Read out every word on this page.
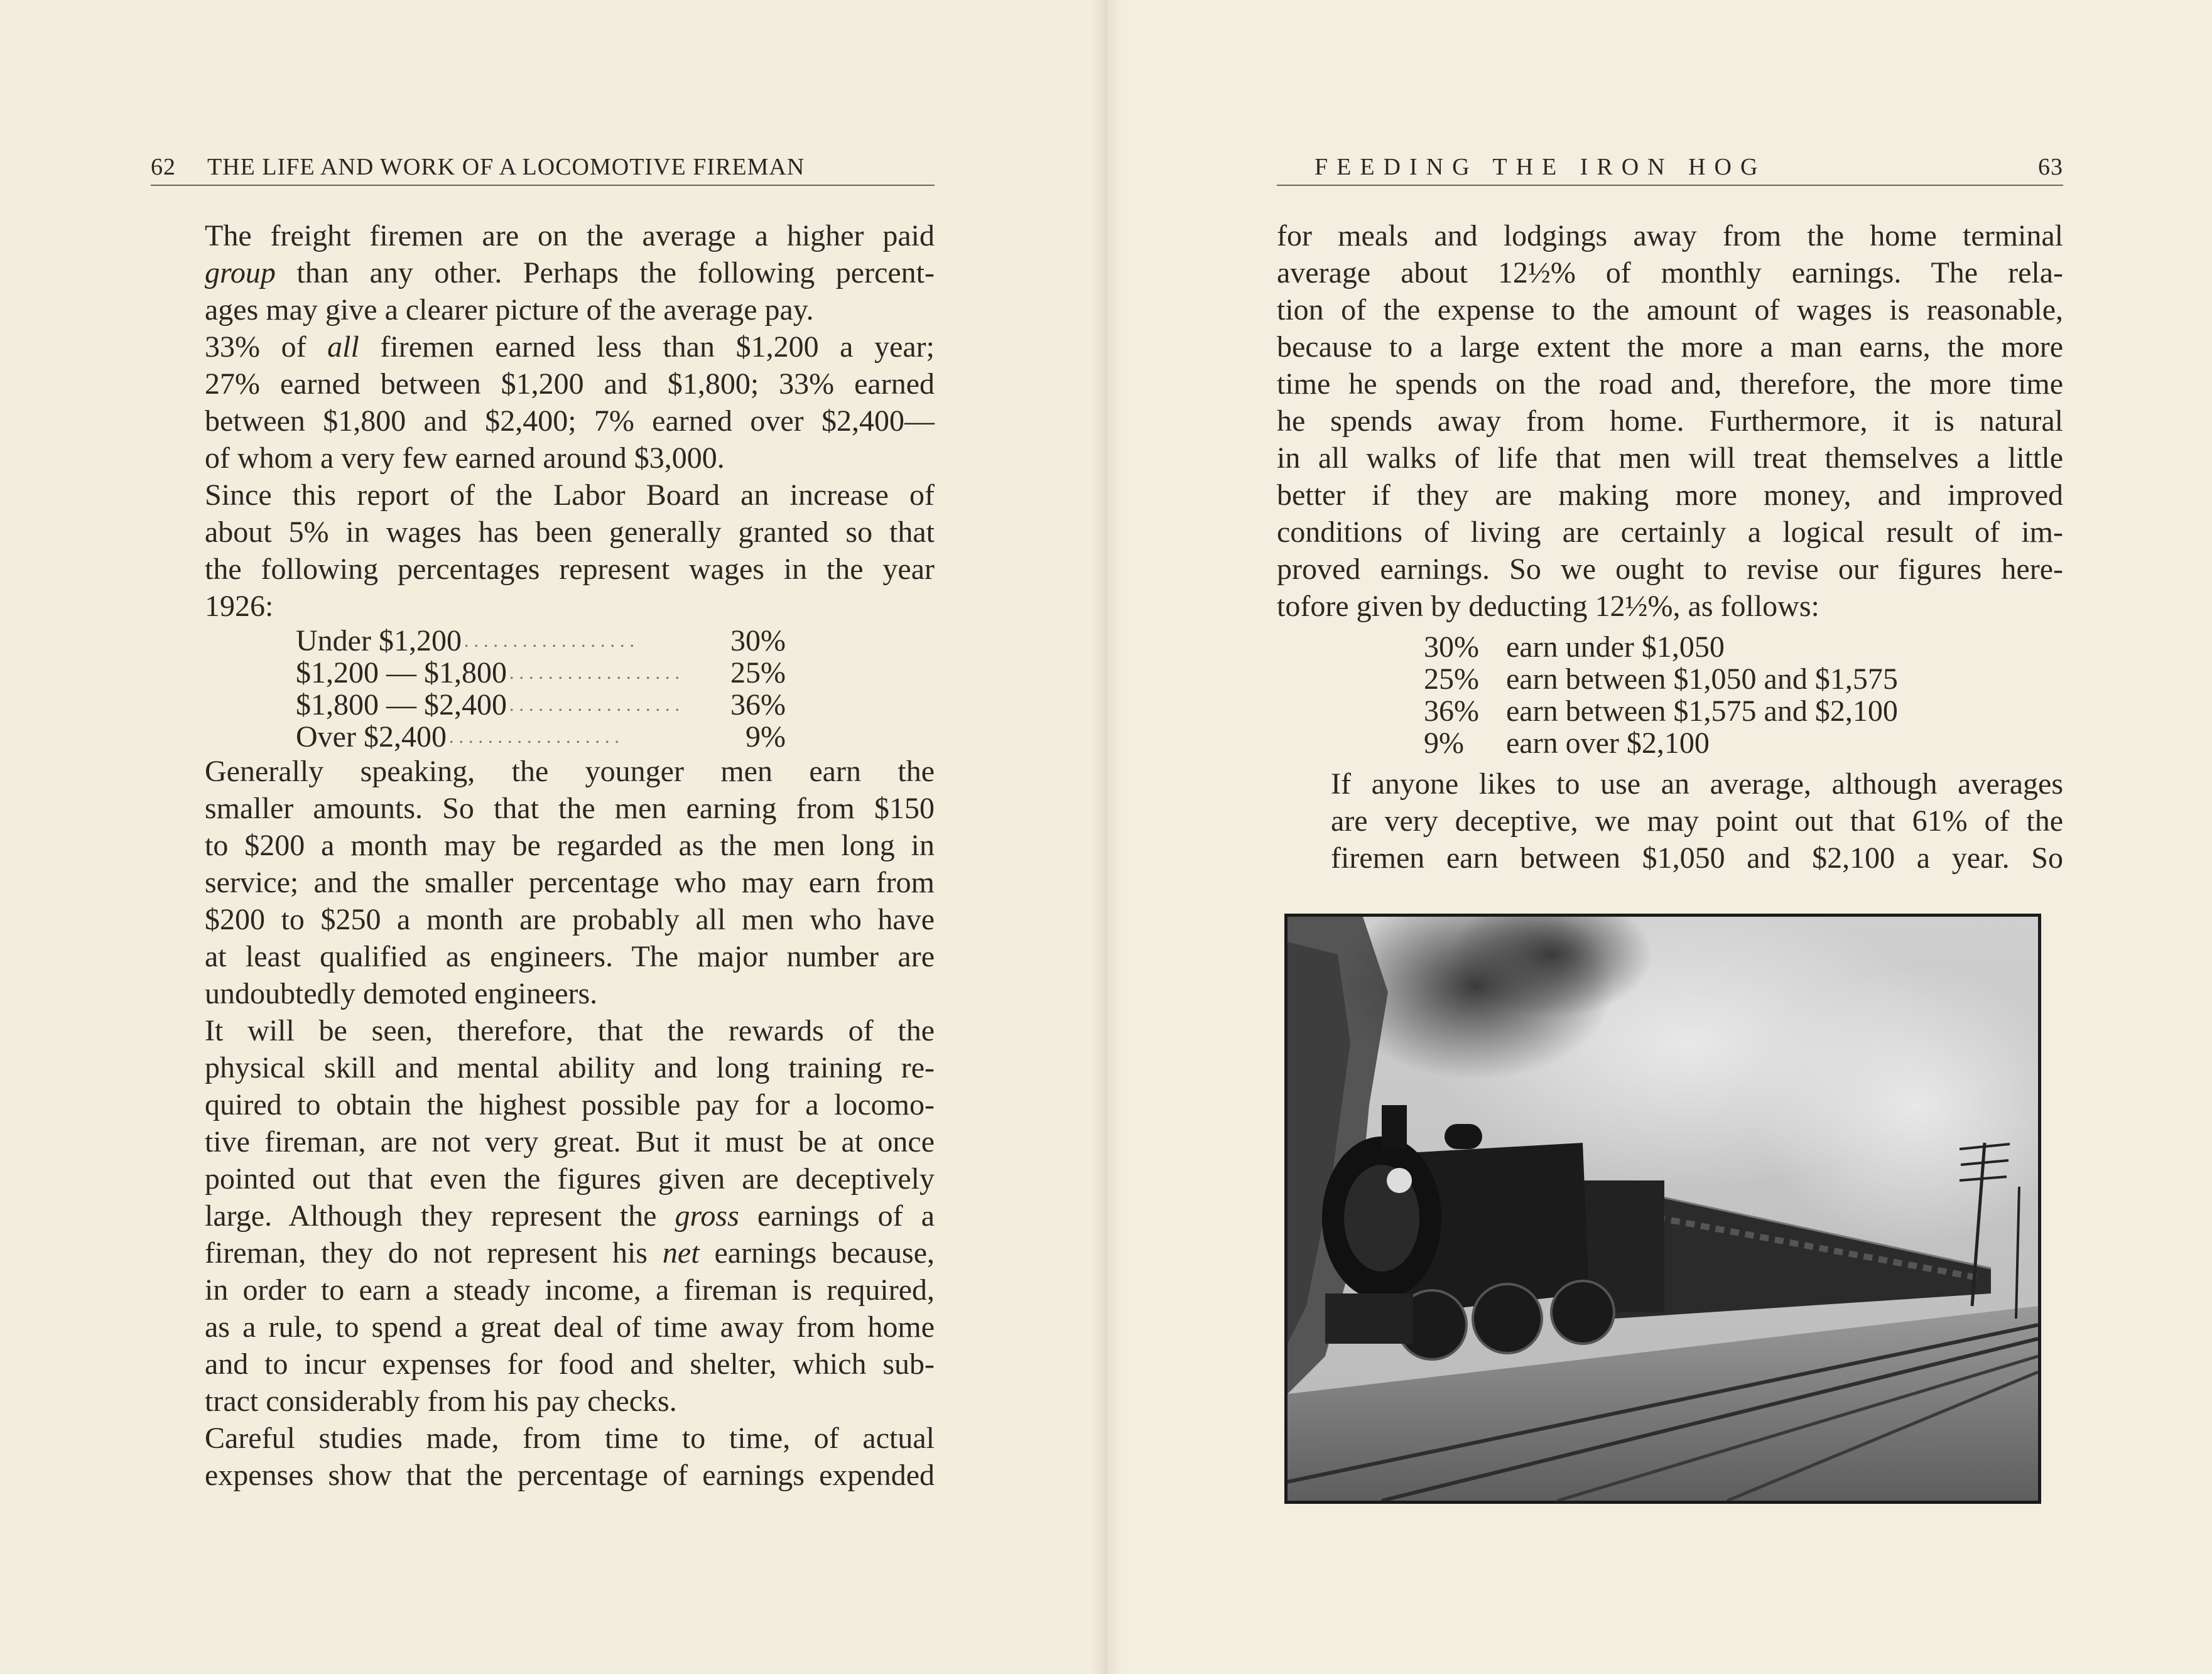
62 THE LIFE AND WORK OF A LOCOMOTIVE FIREMAN

The freight firemen are on the average a higher paid
group than any other. Perhaps the following percent-
ages may give a clearer picture of the average pay.

33% of all firemen earned less than $1,200 a year;
27% earned between $1,200 and $1,800; 33% earned
between $1,800 and $2,400; 7% earned over $2,400—
of whom a very few earned around $3,000.

Since this report of the Labor Board an increase of
about 5% in wages has been generally granted so that
the following percentages represent wages in the year
1926:

Under $1,200 ..................	30%
$1,200 — $1,800 ..................	25%
$1,800 — $2,400 ..................	36%
Over $2,400 ..................	9%

Generally speaking, the younger men earn the
smaller amounts. So that the men earning from $150
to $200 a month may be regarded as the men long in
service; and the smaller percentage who may earn from
$200 to $250 a month are probably all men who have
at least qualified as engineers. The major number are
undoubtedly demoted engineers.

It will be seen, therefore, that the rewards of the
physical skill and mental ability and long training re-
quired to obtain the highest possible pay for a locomo-
tive fireman, are not very great. But it must be at once
pointed out that even the figures given are deceptively
large. Although they represent the gross earnings of a
fireman, they do not represent his net earnings because,
in order to earn a steady income, a fireman is required,
as a rule, to spend a great deal of time away from home
and to incur expenses for food and shelter, which sub-
tract considerably from his pay checks.

Careful studies made, from time to time, of actual
expenses show that the percentage of earnings expended

FEEDING THE IRON HOG	63

for meals and lodgings away from the home terminal
average about 12½% of monthly earnings. The rela-
tion of the expense to the amount of wages is reasonable,
because to a large extent the more a man earns, the more
time he spends on the road and, therefore, the more time
he spends away from home. Furthermore, it is natural
in all walks of life that men will treat themselves a little
better if they are making more money, and improved
conditions of living are certainly a logical result of im-
proved earnings. So we ought to revise our figures here-
tofore given by deducting 12½%, as follows:

30% earn under $1,050
25% earn between $1,050 and $1,575
36% earn between $1,575 and $2,100
9%	earn over $2,100

If anyone likes to use an average, although averages
are very deceptive, we may point out that 61% of the
firemen earn between $1,050 and $2,100 a year. So
